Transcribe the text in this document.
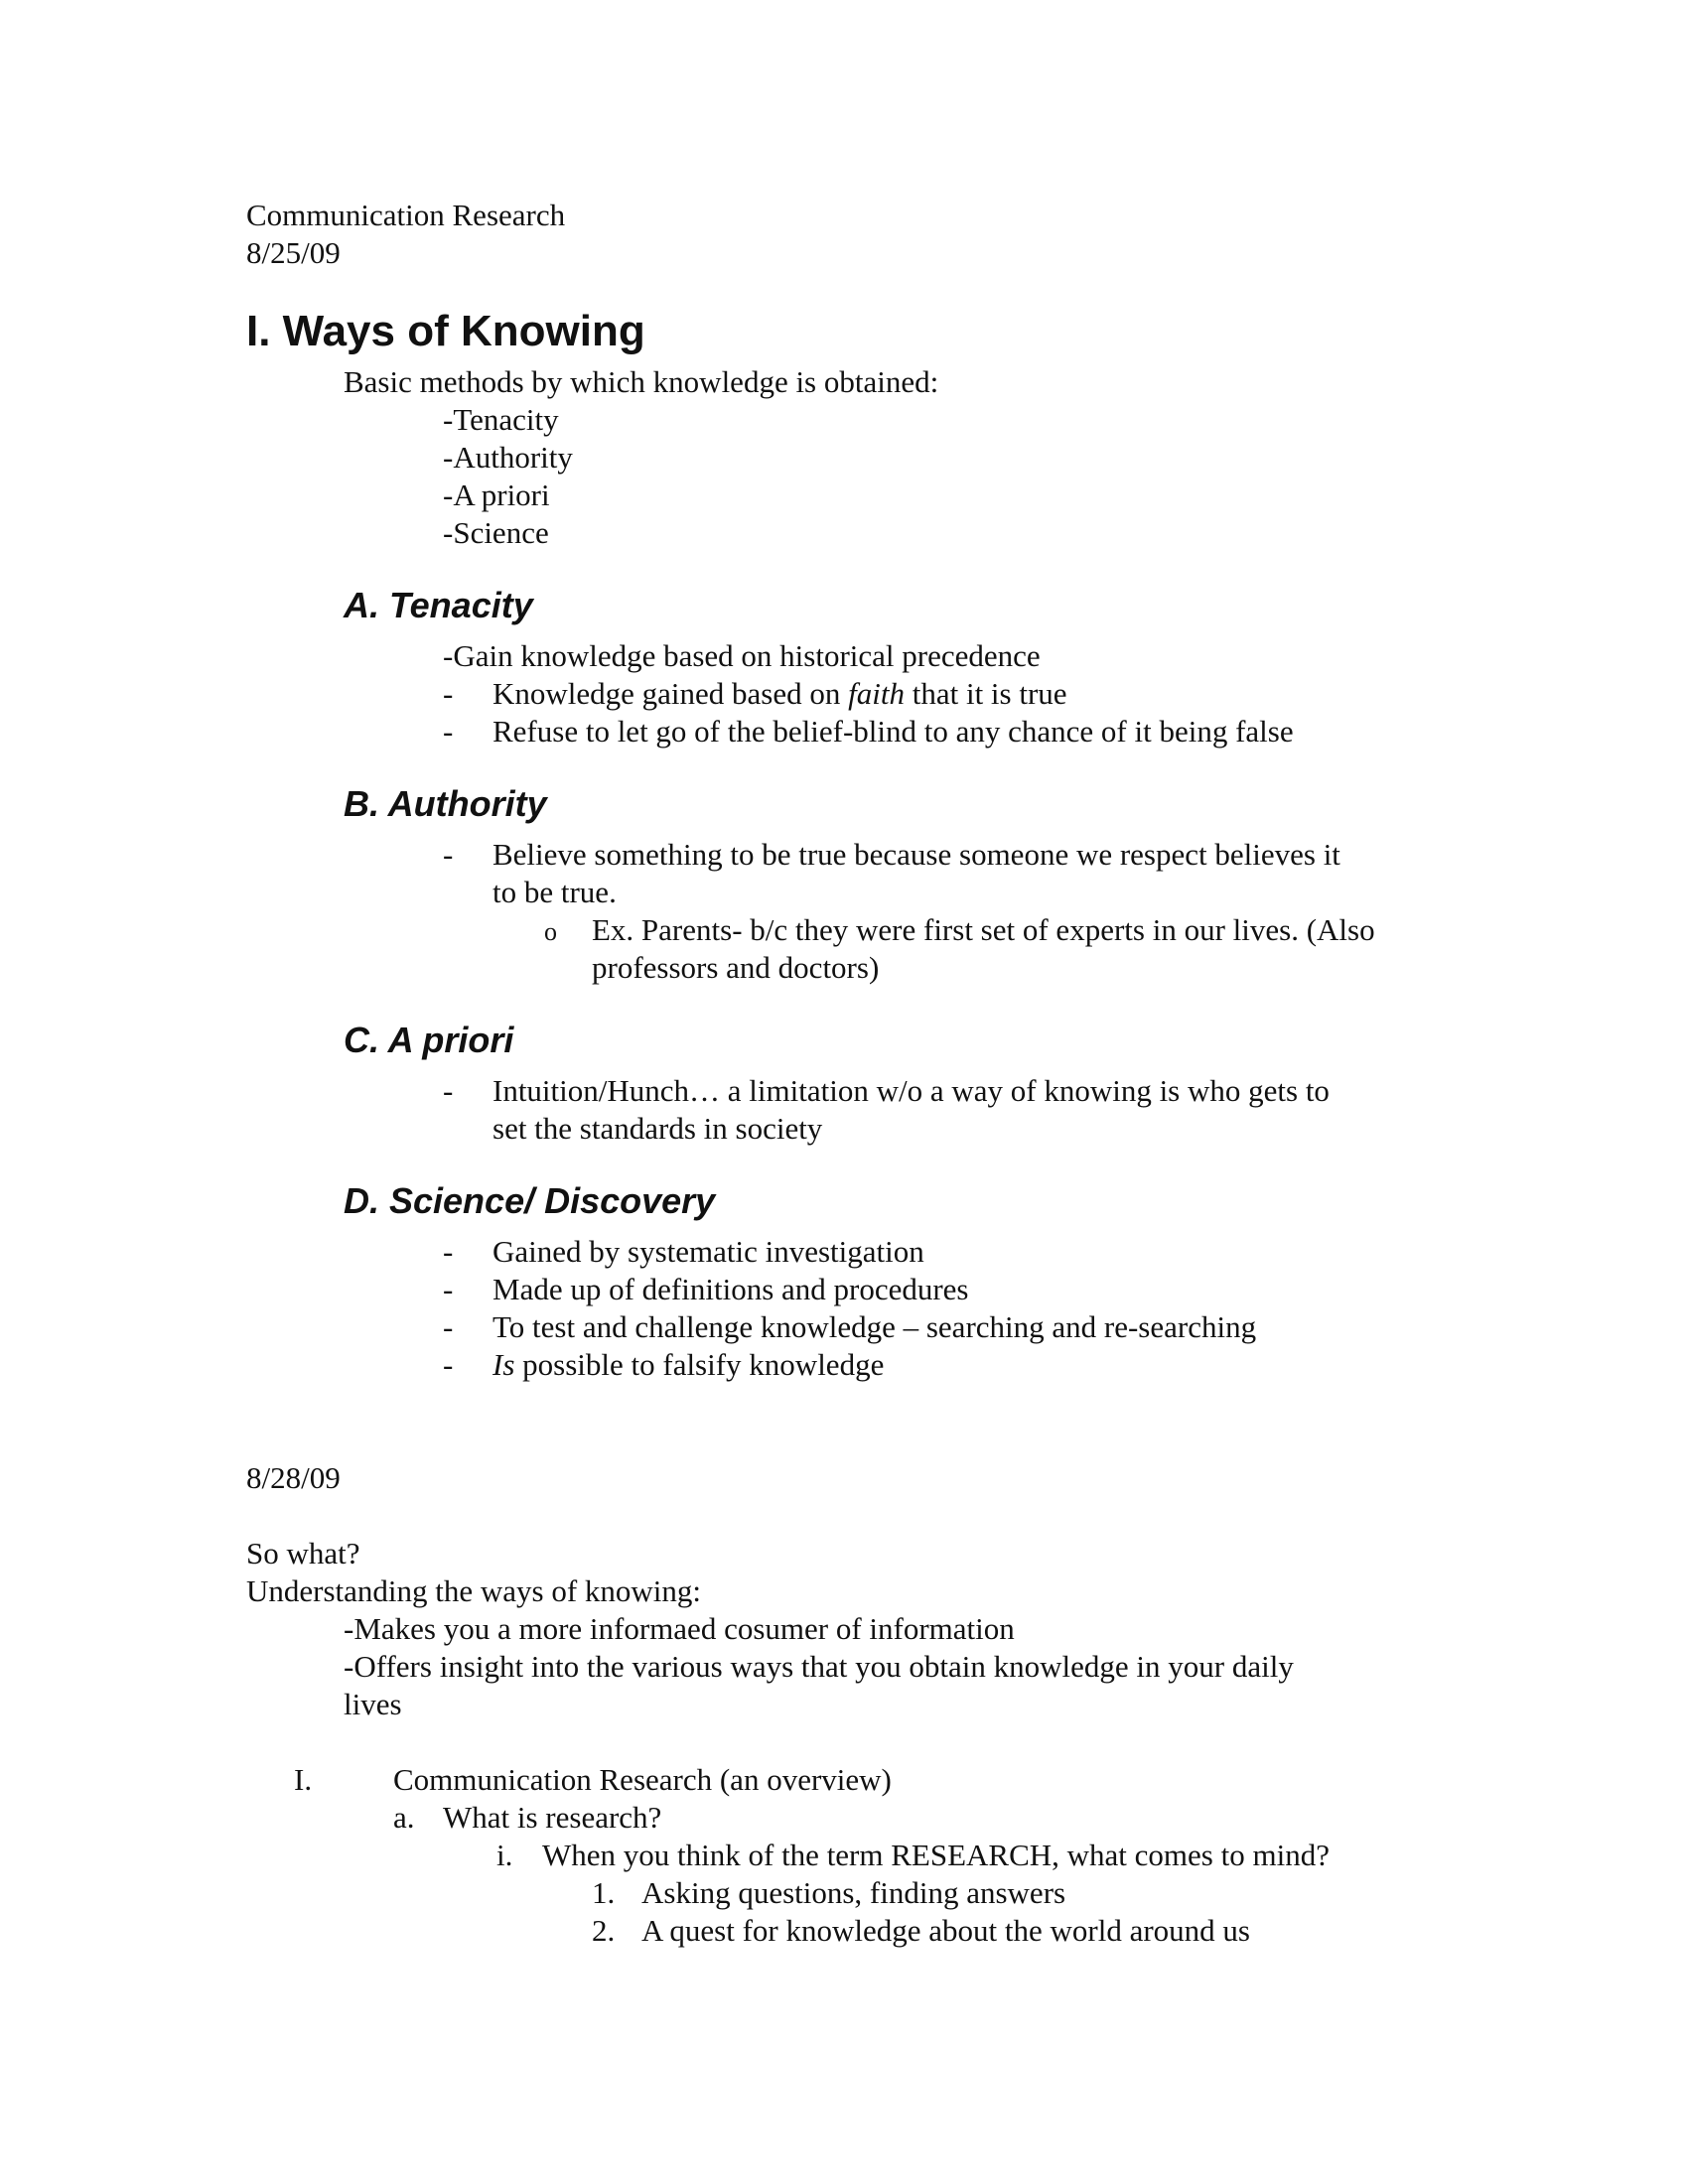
Communication Research
8/25/09
I. Ways of Knowing
Basic methods by which knowledge is obtained:
-Tenacity
-Authority
-A priori
-Science
A. Tenacity
-Gain knowledge based on historical precedence
- Knowledge gained based on faith that it is true
- Refuse to let go of the belief-blind to any chance of it being false
B. Authority
- Believe something to be true because someone we respect believes it
to be true.
o Ex. Parents- b/c they were first set of experts in our lives. (Also
professors and doctors)
C. A priori
- Intuition/Hunch… a limitation w/o a way of knowing is who gets to
set the standards in society
D. Science/ Discovery
- Gained by systematic investigation
- Made up of definitions and procedures
- To test and challenge knowledge – searching and re-searching
- Is possible to falsify knowledge
8/28/09
So what?
Understanding the ways of knowing:
-Makes you a more informaed cosumer of information
-Offers insight into the various ways that you obtain knowledge in your daily
lives
I.	Communication Research (an overview)
a. What is research?
i. When you think of the term RESEARCH, what comes to mind?
1. Asking questions, finding answers
2. A quest for knowledge about the world around us
